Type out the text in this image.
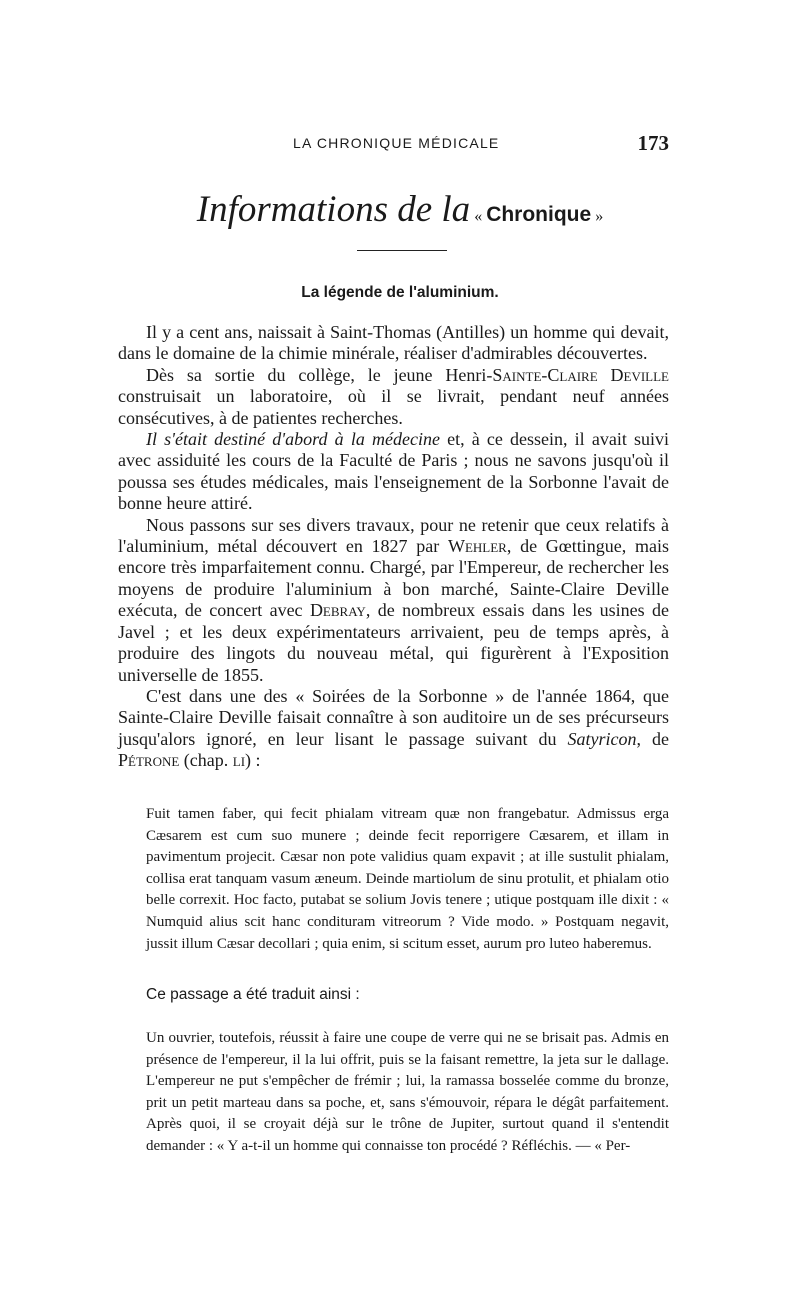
LA CHRONIQUE MÉDICALE	173
Informations de la « Chronique »
La légende de l'aluminium.

Il y a cent ans, naissait à Saint-Thomas (Antilles) un homme qui devait, dans le domaine de la chimie minérale, réaliser d'admirables découvertes.

Dès sa sortie du collège, le jeune Henri-Sainte-Claire Deville construisait un laboratoire, où il se livrait, pendant neuf années consécutives, à de patientes recherches.

Il s'était destiné d'abord à la médecine et, à ce dessein, il avait suivi avec assiduité les cours de la Faculté de Paris ; nous ne savons jusqu'où il poussa ses études médicales, mais l'enseignement de la Sorbonne l'avait de bonne heure attiré.

Nous passons sur ses divers travaux, pour ne retenir que ceux relatifs à l'aluminium, métal découvert en 1827 par Wehler, de Gœttingue, mais encore très imparfaitement connu. Chargé, par l'Empereur, de rechercher les moyens de produire l'aluminium à bon marché, Sainte-Claire Deville exécuta, de concert avec Debray, de nombreux essais dans les usines de Javel ; et les deux expérimentateurs arrivaient, peu de temps après, à produire des lingots du nouveau métal, qui figurèrent à l'Exposition universelle de 1855.

C'est dans une des « Soirées de la Sorbonne » de l'année 1864, que Sainte-Claire Deville faisait connaître à son auditoire un de ses précurseurs jusqu'alors ignoré, en leur lisant le passage suivant du Satyricon, de Pétrone (chap. li) :

Fuit tamen faber, qui fecit phialam vitream quæ non frangebatur. Admissus erga Cæsarem est cum suo munere ; deinde fecit reporrigere Cæsarem, et illam in pavimentum projecit. Cæsar non pote validius quam expavit ; at ille sustulit phialam, collisa erat tanquam vasum æneum. Deinde martiolum de sinu protulit, et phialam otio belle correxit. Hoc facto, putabat se solium Jovis tenere ; utique postquam ille dixit : « Numquid alius scit hanc condituram vitreorum ? Vide modo. » Postquam negavit, jussit illum Cæsar decollari ; quia enim, si scitum esset, aurum pro luteo haberemus.

Ce passage a été traduit ainsi :

Un ouvrier, toutefois, réussit à faire une coupe de verre qui ne se brisait pas. Admis en présence de l'empereur, il la lui offrit, puis se la faisant remettre, la jeta sur le dallage. L'empereur ne put s'empêcher de frémir ; lui, la ramassa bosselée comme du bronze, prit un petit marteau dans sa poche, et, sans s'émouvoir, répara le dégât parfaitement. Après quoi, il se croyait déjà sur le trône de Jupiter, surtout quand il s'entendit demander : « Y a-t-il un homme qui connaisse ton procédé ? Réfléchis. — « Per-
